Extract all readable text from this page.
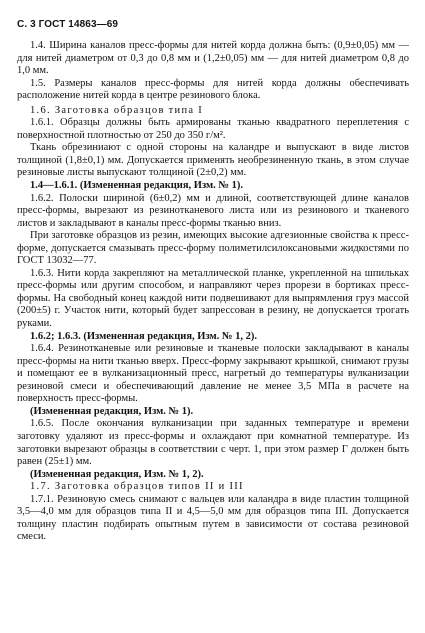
С. 3 ГОСТ 14863—69

1.4. Ширина каналов пресс-формы для нитей корда должна быть: (0,9±0,05) мм — для нитей диаметром от 0,3 до 0,8 мм и (1,2±0,05) мм — для нитей диаметром 0,8 до 1,0 мм.

1.5. Размеры каналов пресс-формы для нитей корда должны обеспечивать расположение нитей корда в центре резинового блока.

1.6. Заготовка образцов типа I

1.6.1. Образцы должны быть армированы тканью квадратного переплетения с поверхностной плотностью от 250 до 350 г/м².

Ткань обрезиниают с одной стороны на каландре и выпускают в виде листов толщиной (1,8±0,1) мм. Допускается применять необрезиненную ткань, в этом случае резиновые листы выпускают толщиной (2±0,2) мм.

1.4—1.6.1. (Измененная редакция, Изм. № 1).

1.6.2. Полоски шириной (6±0,2) мм и длиной, соответствующей длине каналов пресс-формы, вырезают из резинотканевого листа или из резинового и тканевого листов и закладывают в каналы пресс-формы тканью вниз.

При заготовке образцов из резин, имеющих высокие адгезионные свойства к пресс-форме, допускается смазывать пресс-форму полиметилсилоксановыми жидкостями по ГОСТ 13032—77.

1.6.3. Нити корда закрепляют на металлической планке, укрепленной на шпильках пресс-формы или другим способом, и направляют через прорези в бортиках пресс-формы. На свободный конец каждой нити подвешивают для выпрямления груз массой (200±5) г. Участок нити, который будет запрессован в резину, не допускается трогать руками.

1.6.2; 1.6.3. (Измененная редакция, Изм. № 1, 2).

1.6.4. Резинотканевые или резиновые и тканевые полоски закладывают в каналы пресс-формы на нити тканью вверх. Пресс-форму закрывают крышкой, снимают грузы и помещают ее в вулканизационный пресс, нагретый до температуры вулканизации резиновой смеси и обеспечивающий давление не менее 3,5 МПа в расчете на поверхность пресс-формы.

(Измененная редакция, Изм. № 1).

1.6.5. После окончания вулканизации при заданных температуре и времени заготовку удаляют из пресс-формы и охлаждают при комнатной температуре. Из заготовки вырезают образцы в соответствии с черт. 1, при этом размер Г должен быть равен (25±1) мм.

(Измененная редакция, Изм. № 1, 2).

1.7. Заготовка образцов типов II и III

1.7.1. Резиновую смесь снимают с вальцев или каландра в виде пластин толщиной 3,5—4,0 мм для образцов типа II и 4,5—5,0 мм для образцов типа III. Допускается толщину пластин подбирать опытным путем в зависимости от состава резиновой смеси.
